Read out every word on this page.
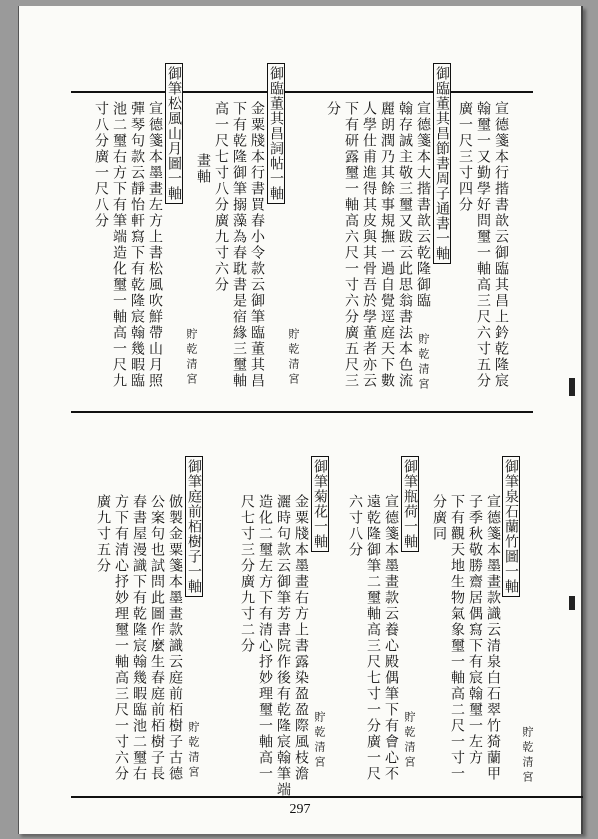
宣德箋本行揩書歆云御臨其昌上鈐乾隆宸
翰璽一又勤學好問璽一軸高三尺六寸五分
廣一尺三寸四分
御臨董其昌節書周子通書一軸
宣德箋本大揩書歆云乾隆御臨
貯乾清宮
翰存誠主敬三璽又跋云此思翁書法本色流
麗朗潤乃其餘事規撫一過自覺逕庭天下數
人學仕甫進得其皮與其骨吾於學董者亦云
下有研露璽一軸高六尺一寸六分廣五尺三
分
御臨董其昌詞帖一軸
金粟牋本行書買春小令款云御筆臨董其昌
下有乾隆御筆搦藻為春耽書是宿緣三璽軸
高一尺七寸八分廣九寸六分
貯乾清宮
畫軸
御筆松風山月圖一軸
宣德箋本墨畫左方上書松風吹鮮帶山月照
彈琴句款云靜怡軒寫下有乾隆宸翰幾暇臨
池二璽右方下有筆端造化璽一軸高一尺九
寸八分廣一尺八分
貯乾清宮
御筆泉石蘭竹圖一軸
宣德箋本墨畫款識云清泉白石翠竹猗蘭甲
子季秋敬勝齋居偶寫下有宸翰璽一左方
下有觀天地生物氣象璽一軸高二尺一寸一
分廣同
貯乾清宮
御筆瓶荷一軸
宣德箋本墨畫款云養心殿偶筆下有會心不
遠乾隆御筆二璽軸高三尺七寸一分廣一尺
六寸八分
貯乾清宮
御筆菊花一軸
金粟牋本墨畫右方上書露染盈盈際風枝澹
灑時句款云御筆芳書院作後有乾隆宸翰筆端
造化二璽左方下有清心抒妙理璽一軸高一
尺七寸三分廣九寸二分
貯乾清宮
御筆庭前栢樹子一軸
倣製金粟箋本墨畫款識云庭前栢樹子古德
公案句也試問此圖作麼生春庭前栢樹子長
春書屋漫識下有乾隆宸翰幾暇臨池二璽右
方下有清心抒妙理璽一軸高三尺一寸六分
廣九寸五分
貯乾清宮
297
